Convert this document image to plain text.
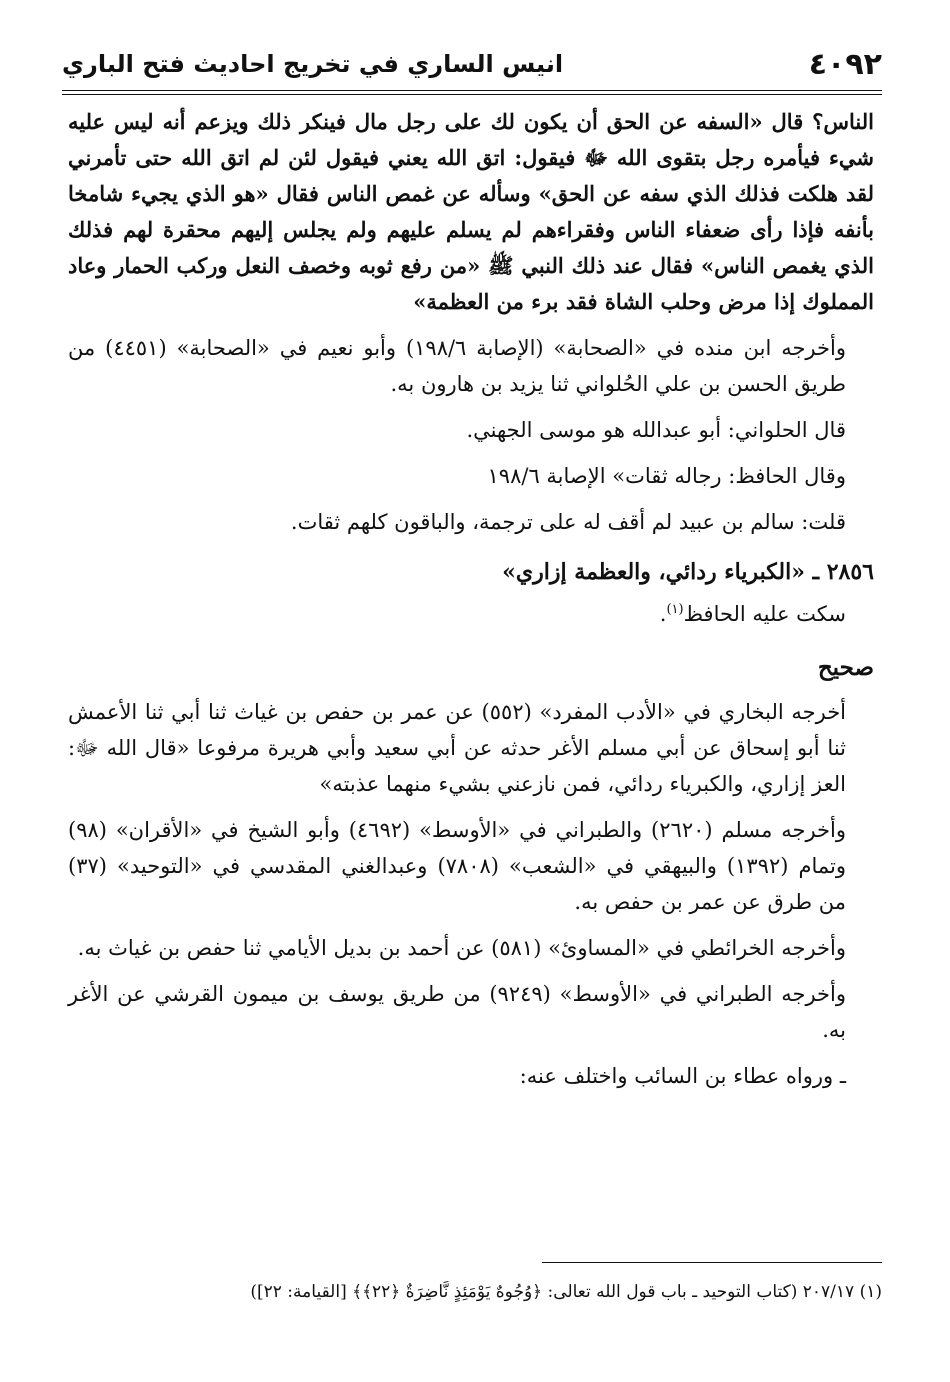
٤٠٩٢
انيس الساري في تخريج احاديث فتح الباري

الناس؟ قال «السفه عن الحق أن يكون لك على رجل مال فينكر ذلك ويزعم أنه ليس عليه شيء فيأمره رجل بتقوى الله ﷻ فيقول: اتق الله يعني فيقول لئن لم اتق الله حتى تأمرني لقد هلكت فذلك الذي سفه عن الحق» وسأله عن غمص الناس فقال «هو الذي يجيء شامخا بأنفه فإذا رأى ضعفاء الناس وفقراءهم لم يسلم عليهم ولم يجلس إليهم محقرة لهم فذلك الذي يغمص الناس» فقال عند ذلك النبي ﷺ «من رفع ثوبه وخصف النعل وركب الحمار وعاد المملوك إذا مرض وحلب الشاة فقد برء من العظمة»

وأخرجه ابن منده في «الصحابة» (الإصابة ١٩٨/٦) وأبو نعيم في «الصحابة» (٤٤٥١) من طريق الحسن بن علي الحُلواني ثنا يزيد بن هارون به.

قال الحلواني: أبو عبدالله هو موسى الجهني.

وقال الحافظ: رجاله ثقات» الإصابة ١٩٨/٦

قلت: سالم بن عبيد لم أقف له على ترجمة، والباقون كلهم ثقات.

٢٨٥٦ ـ «الكبرياء ردائي، والعظمة إزاري»

سكت عليه الحافظ$^{(١)}$.

صحيح

أخرجه البخاري في «الأدب المفرد» (٥٥٢) عن عمر بن حفص بن غياث ثنا أبي ثنا الأعمش ثنا أبو إسحاق عن أبي مسلم الأغر حدثه عن أبي سعيد وأبي هريرة مرفوعا «قال الله ﷻ: العز إزاري، والكبرياء ردائي، فمن نازعني بشيء منهما عذبته»

وأخرجه مسلم (٢٦٢٠) والطبراني في «الأوسط» (٤٦٩٢) وأبو الشيخ في «الأقران» (٩٨) وتمام (١٣٩٢) والبيهقي في «الشعب» (٧٨٠٨) وعبدالغني المقدسي في «التوحيد» (٣٧) من طرق عن عمر بن حفص به.

وأخرجه الخرائطي في «المساوئ» (٥٨١) عن أحمد بن بديل الأيامي ثنا حفص بن غياث به.

وأخرجه الطبراني في «الأوسط» (٩٢٤٩) من طريق يوسف بن ميمون القرشي عن الأغر به.

ـ ورواه عطاء بن السائب واختلف عنه:

(١) ٢٠٧/١٧ (كتاب التوحيد ـ باب قول الله تعالى: ﴿وُجُوهٌ يَوْمَئِذٍ نَّاضِرَةٌ ﴿٢٢﴾﴾ [القيامة: ٢٢])
